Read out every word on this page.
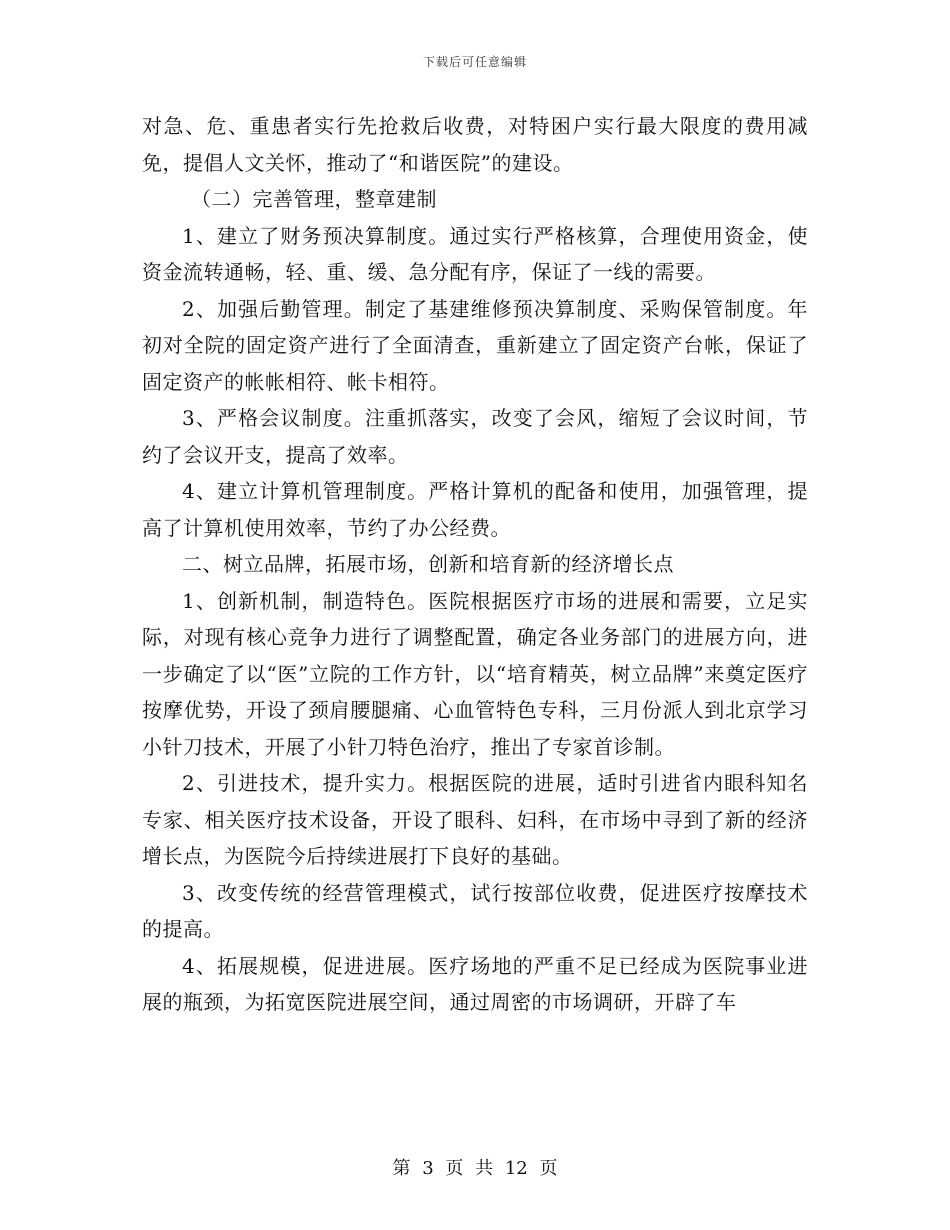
下载后可任意编辑

对急、危、重患者实行先抢救后收费，对特困户实行最大限度的费用减免，提倡人文关怀，推动了“和谐医院”的建设。

（二）完善管理，整章建制

1、建立了财务预决算制度。通过实行严格核算，合理使用资金，使资金流转通畅，轻、重、缓、急分配有序，保证了一线的需要。

2、加强后勤管理。制定了基建维修预决算制度、采购保管制度。年初对全院的固定资产进行了全面清查，重新建立了固定资产台帐，保证了固定资产的帐帐相符、帐卡相符。

3、严格会议制度。注重抓落实，改变了会风，缩短了会议时间，节约了会议开支，提高了效率。

4、建立计算机管理制度。严格计算机的配备和使用，加强管理，提高了计算机使用效率，节约了办公经费。

二、树立品牌，拓展市场，创新和培育新的经济增长点

1、创新机制，制造特色。医院根据医疗市场的进展和需要，立足实际，对现有核心竞争力进行了调整配置，确定各业务部门的进展方向，进一步确定了以“医”立院的工作方针，以“培育精英，树立品牌”来奠定医疗按摩优势，开设了颈肩腰腿痛、心血管特色专科，三月份派人到北京学习小针刀技术，开展了小针刀特色治疗，推出了专家首诊制。

2、引进技术，提升实力。根据医院的进展，适时引进省内眼科知名专家、相关医疗技术设备，开设了眼科、妇科，在市场中寻到了新的经济增长点，为医院今后持续进展打下良好的基础。

3、改变传统的经营管理模式，试行按部位收费，促进医疗按摩技术的提高。

4、拓展规模，促进进展。医疗场地的严重不足已经成为医院事业进展的瓶颈，为拓宽医院进展空间，通过周密的市场调研，开辟了车

第 3 页 共 12 页
